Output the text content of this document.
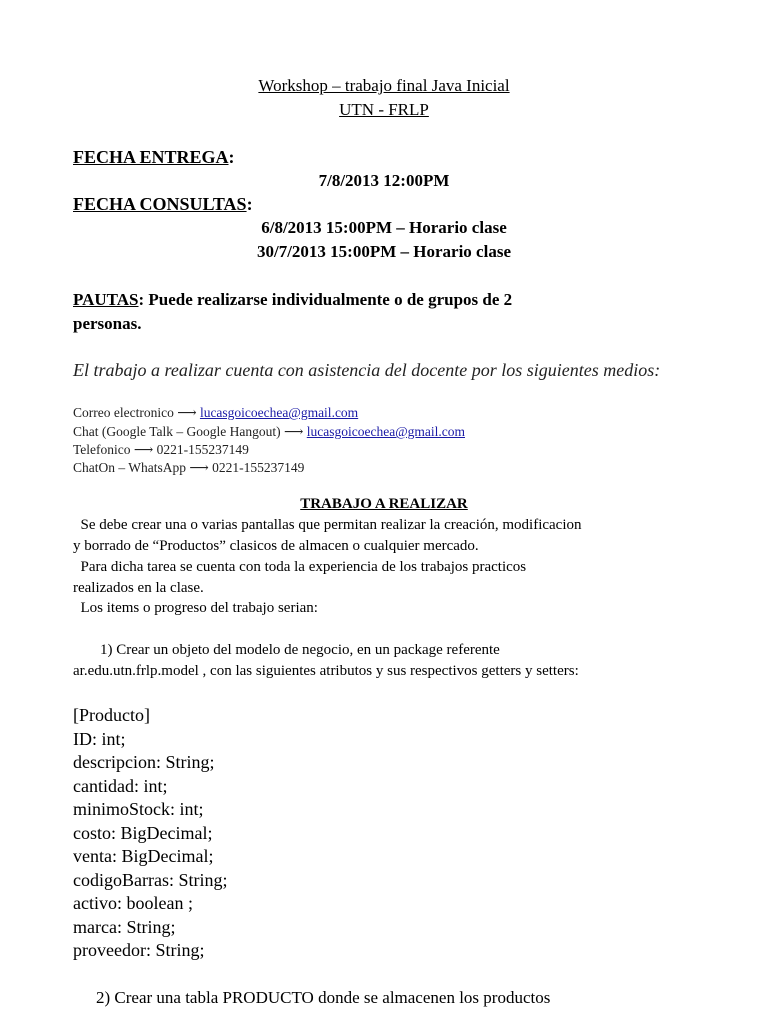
Workshop – trabajo final Java Inicial
UTN - FRLP
FECHA ENTREGA:
7/8/2013 12:00PM
FECHA CONSULTAS:
6/8/2013 15:00PM – Horario clase
30/7/2013 15:00PM – Horario clase
PAUTAS: Puede realizarse individualmente o de grupos de 2
personas.
El trabajo a realizar cuenta con asistencia del docente por los siguientes medios:
Correo electronico ⟶ lucasgoicoechea@gmail.com
Chat (Google Talk – Google Hangout) ⟶ lucasgoicoechea@gmail.com
Telefonico ⟶ 0221-155237149
ChatOn – WhatsApp ⟶ 0221-155237149
TRABAJO A REALIZAR
Se debe crear una o varias pantallas que permitan realizar la creación, modificacion
y borrado de “Productos” clasicos de almacen o cualquier mercado.
Para dicha tarea se cuenta con toda la experiencia de los trabajos practicos
realizados en la clase.
Los items o progreso del trabajo serian:
1) Crear un objeto del modelo de negocio, en un package referente
ar.edu.utn.frlp.model , con las siguientes atributos y sus respectivos getters y setters:
[Producto]
ID: int;
descripcion: String;
cantidad: int;
minimoStock: int;
costo: BigDecimal;
venta: BigDecimal;
codigoBarras: String;
activo: boolean ;
marca: String;
proveedor: String;
2) Crear una tabla PRODUCTO donde se almacenen los productos
